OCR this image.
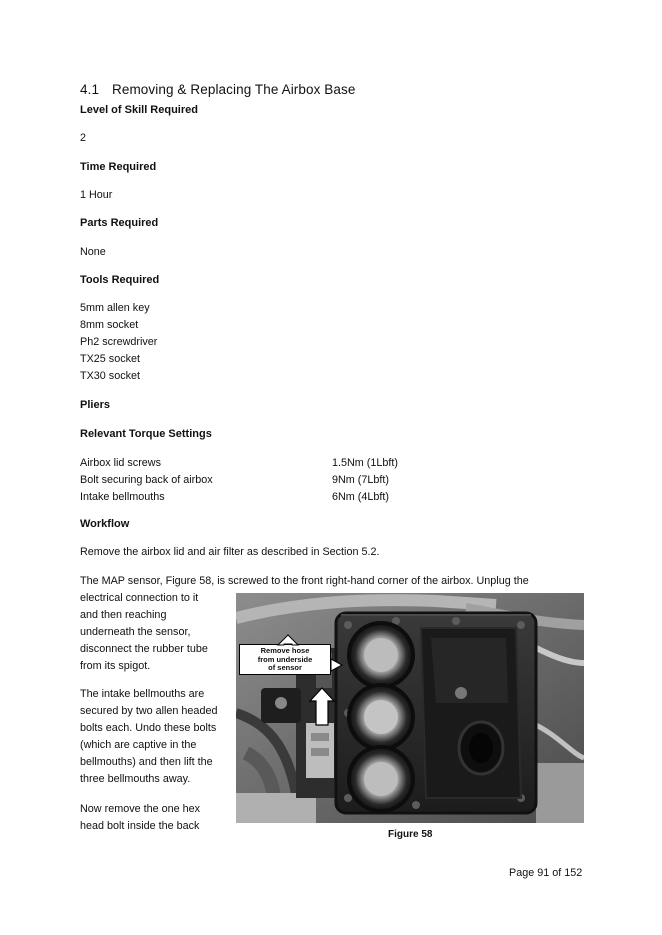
4.1 Removing & Replacing The Airbox Base
Level of Skill Required
2
Time Required
1 Hour
Parts Required
None
Tools Required
5mm allen key
8mm socket
Ph2 screwdriver
TX25 socket
TX30 socket
Pliers
Relevant Torque Settings
Airbox lid screws
Bolt securing back of airbox
Intake bellmouths
1.5Nm (1Lbft)
9Nm (7Lbft)
6Nm (4Lbft)
Workflow
Remove the airbox lid and air filter as described in Section 5.2.
The MAP sensor, Figure 58, is screwed to the front right-hand corner of the airbox. Unplug the
electrical connection to it
and then reaching
underneath the sensor,
disconnect the rubber tube
from its spigot.
The intake bellmouths are
secured by two allen headed
bolts each. Undo these bolts
(which are captive in the
bellmouths) and then lift the
three bellmouths away.
Now remove the one hex
head bolt inside the back
Remove hose
from underside
of sensor
Figure 58
Page 91 of 152
